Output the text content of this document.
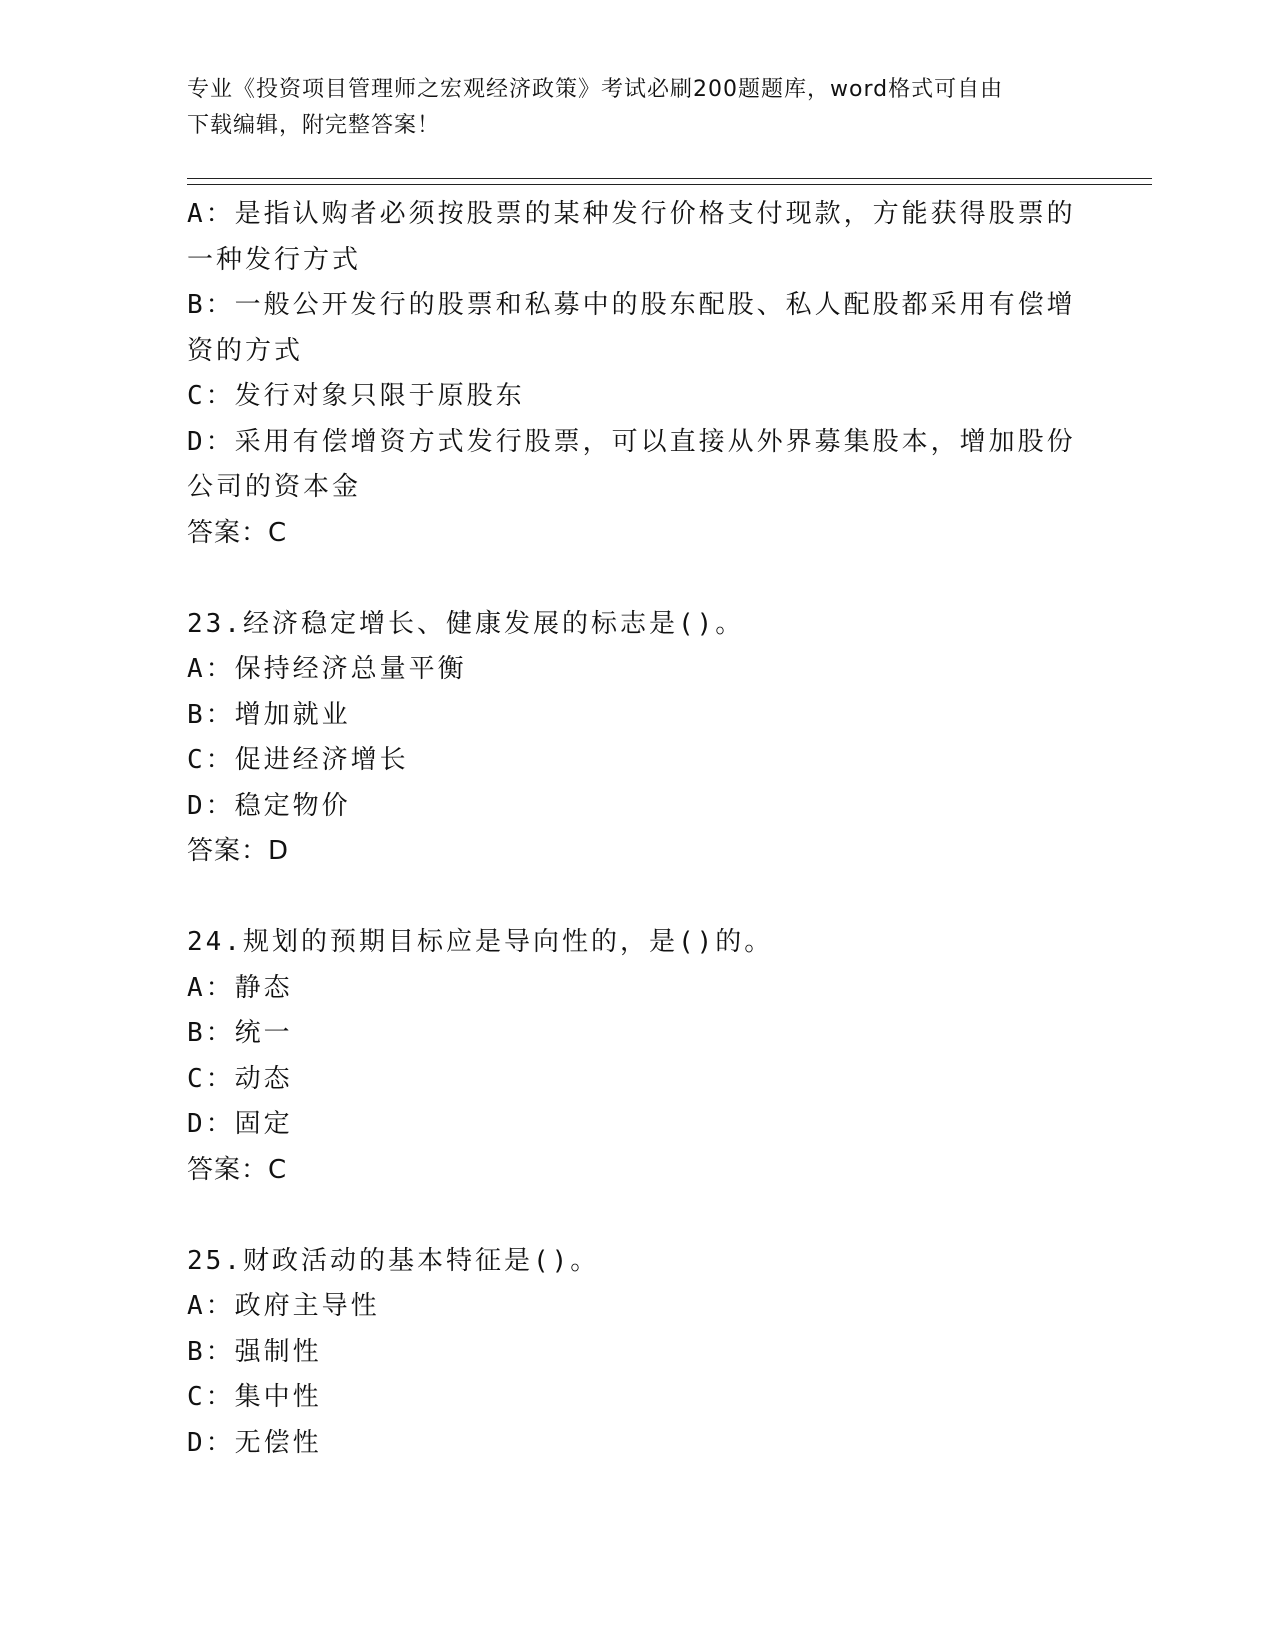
专业《投资项目管理师之宏观经济政策》考试必刷200题题库，word格式可自由
下载编辑，附完整答案！
A：是指认购者必须按股票的某种发行价格支付现款，方能获得股票的
一种发行方式
B：一般公开发行的股票和私募中的股东配股、私人配股都采用有偿增
资的方式
C：发行对象只限于原股东
D：采用有偿增资方式发行股票，可以直接从外界募集股本，增加股份
公司的资本金
答案：C
23.经济稳定增长、健康发展的标志是()。
A：保持经济总量平衡
B：增加就业
C：促进经济增长
D：稳定物价
答案：D
24.规划的预期目标应是导向性的，是()的。
A：静态
B：统一
C：动态
D：固定
答案：C
25.财政活动的基本特征是()。
A：政府主导性
B：强制性
C：集中性
D：无偿性
